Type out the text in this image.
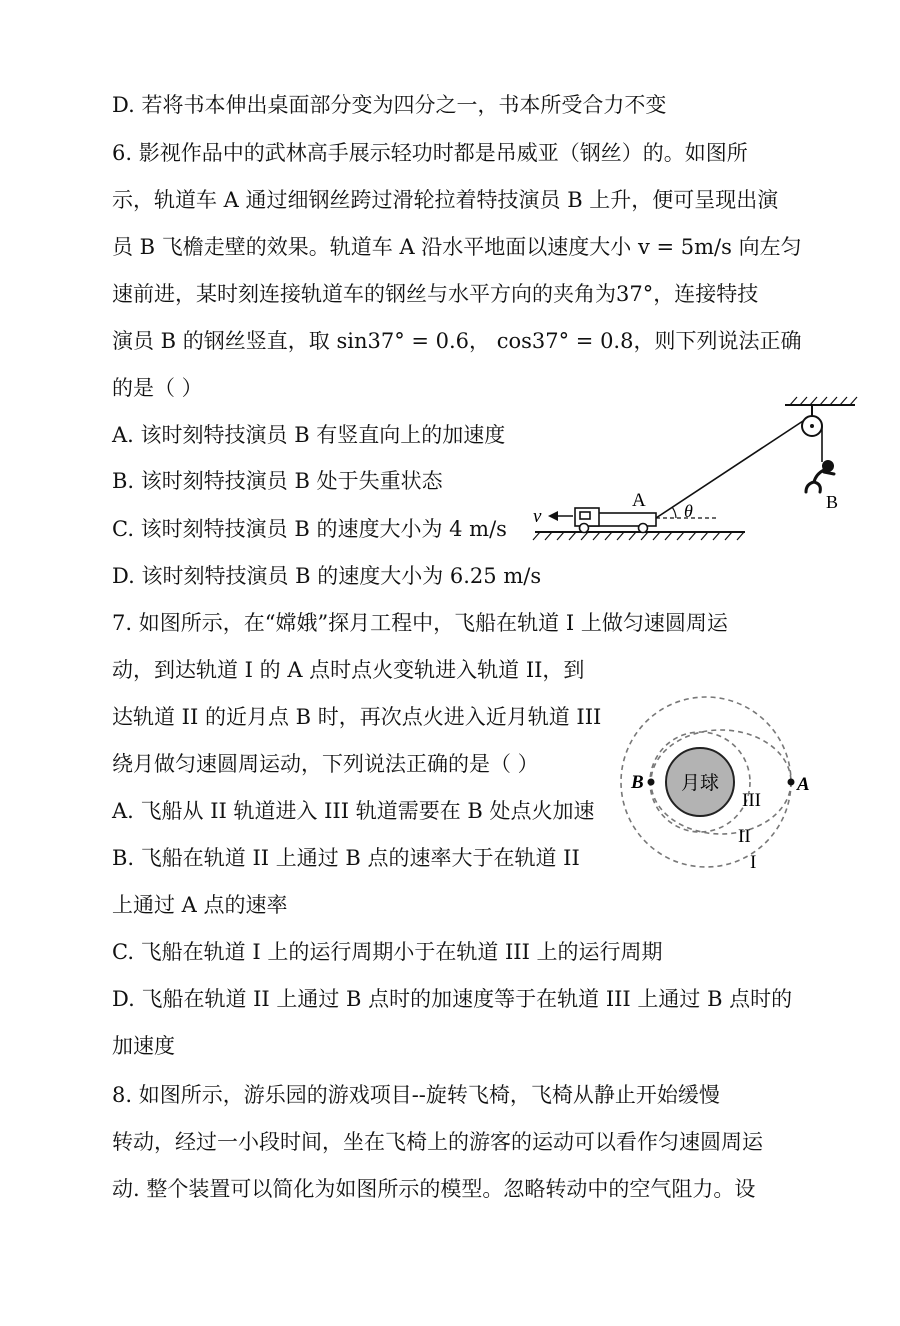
D. 若将书本伸出桌面部分变为四分之一，书本所受合力不变
6. 影视作品中的武林高手展示轻功时都是吊威亚（钢丝）的。如图所
示，轨道车 A 通过细钢丝跨过滑轮拉着特技演员 B 上升，便可呈现出演
员 B 飞檐走壁的效果。轨道车 A 沿水平地面以速度大小 v = 5m/s 向左匀
速前进，某时刻连接轨道车的钢丝与水平方向的夹角为37°，连接特技
演员 B 的钢丝竖直，取 sin37° = 0.6， cos37° = 0.8，则下列说法正确
的是（ ）
A. 该时刻特技演员 B 有竖直向上的加速度
B. 该时刻特技演员 B 处于失重状态
C. 该时刻特技演员 B 的速度大小为 4 m/s
D. 该时刻特技演员 B 的速度大小为 6.25 m/s
B
θ
A
v
7. 如图所示，在“嫦娥”探月工程中，飞船在轨道 I 上做匀速圆周运
动，到达轨道 I 的 A 点时点火变轨进入轨道 II，到
达轨道 II 的近月点 B 时，再次点火进入近月轨道 III
绕月做匀速圆周运动，下列说法正确的是（ ）
A. 飞船从 II 轨道进入 III 轨道需要在 B 处点火加速
B. 飞船在轨道 II 上通过 B 点的速率大于在轨道 II
上通过 A 点的速率
C. 飞船在轨道 I 上的运行周期小于在轨道 III 上的运行周期
D. 飞船在轨道 II 上通过 B 点时的加速度等于在轨道 III 上通过 B 点时的
加速度
月球
B	A
III
II
I
8. 如图所示，游乐园的游戏项目--旋转飞椅，飞椅从静止开始缓慢
转动，经过一小段时间，坐在飞椅上的游客的运动可以看作匀速圆周运
动. 整个装置可以简化为如图所示的模型。忽略转动中的空气阻力。设
